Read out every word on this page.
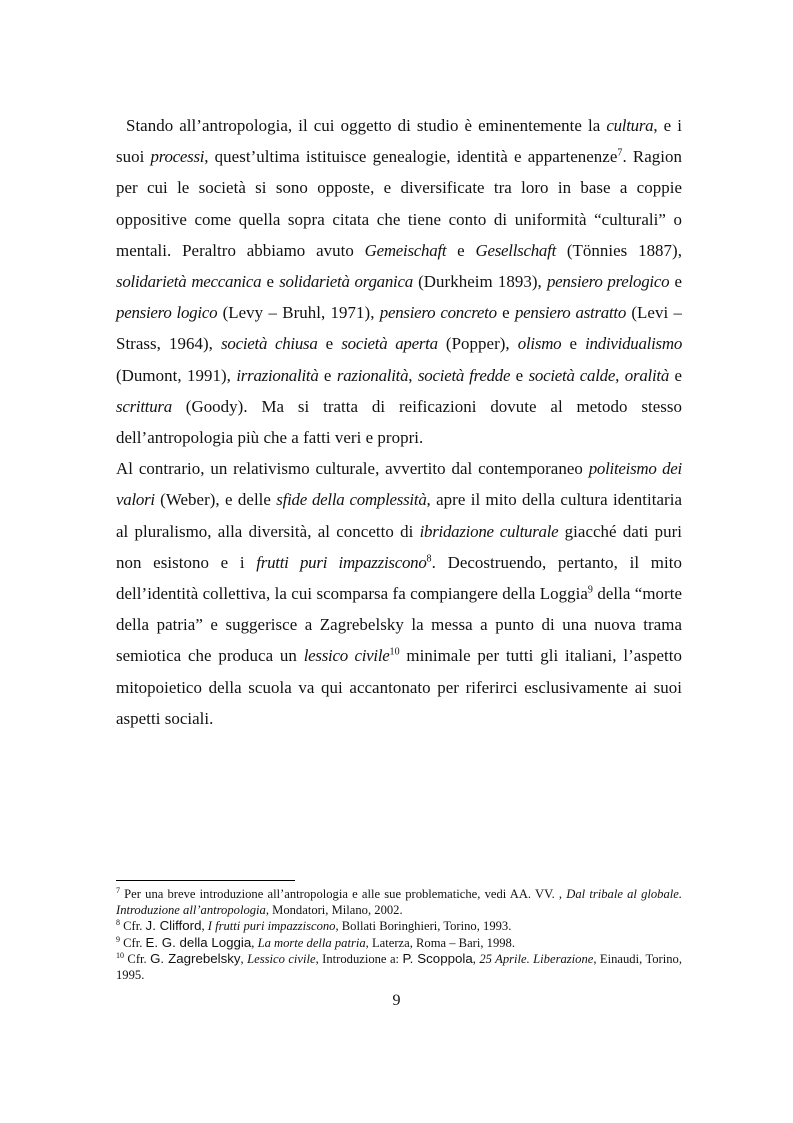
Stando all’antropologia, il cui oggetto di studio è eminentemente la cultura, e i suoi processi, quest’ultima istituisce genealogie, identità e appartenenze$^7$. Ragion per cui le società si sono opposte, e diversificate tra loro in base a coppie oppositive come quella sopra citata che tiene conto di uniformità “culturali” o mentali. Peraltro abbiamo avuto Gemeischaft e Gesellschaft (Tönnies 1887), solidarietà meccanica e solidarietà organica (Durkheim 1893), pensiero prelogico e pensiero logico (Levy – Bruhl, 1971), pensiero concreto e pensiero astratto (Levi – Strass, 1964), società chiusa e società aperta (Popper), olismo e individualismo (Dumont, 1991), irrazionalità e razionalità, società fredde e società calde, oralità e scrittura (Goody). Ma si tratta di reificazioni dovute al metodo stesso dell’antropologia più che a fatti veri e propri.

Al contrario, un relativismo culturale, avvertito dal contemporaneo politeismo dei valori (Weber), e delle sfide della complessità, apre il mito della cultura identitaria al pluralismo, alla diversità, al concetto di ibridazione culturale giacché dati puri non esistono e i frutti puri impazziscono$^8$. Decostruendo, pertanto, il mito dell’identità collettiva, la cui scomparsa fa compiangere della Loggia$^9$ della “morte della patria” e suggerisce a Zagrebelsky la messa a punto di una nuova trama semiotica che produca un lessico civile$^{10}$ minimale per tutti gli italiani, l’aspetto mitopoietico della scuola va qui accantonato per riferirci esclusivamente ai suoi aspetti sociali.

$^7$ Per una breve introduzione all’antropologia e alle sue problematiche, vedi AA. VV. , Dal tribale al globale. Introduzione all’antropologia, Mondatori, Milano, 2002.

$^8$ Cfr. J. Clifford, I frutti puri impazziscono, Bollati Boringhieri, Torino, 1993.

$^9$ Cfr. E. G. della Loggia, La morte della patria, Laterza, Roma – Bari, 1998.

$^{10}$ Cfr. G. Zagrebelsky, Lessico civile, Introduzione a: P. Scoppola, 25 Aprile. Liberazione, Einaudi, Torino, 1995.

9
